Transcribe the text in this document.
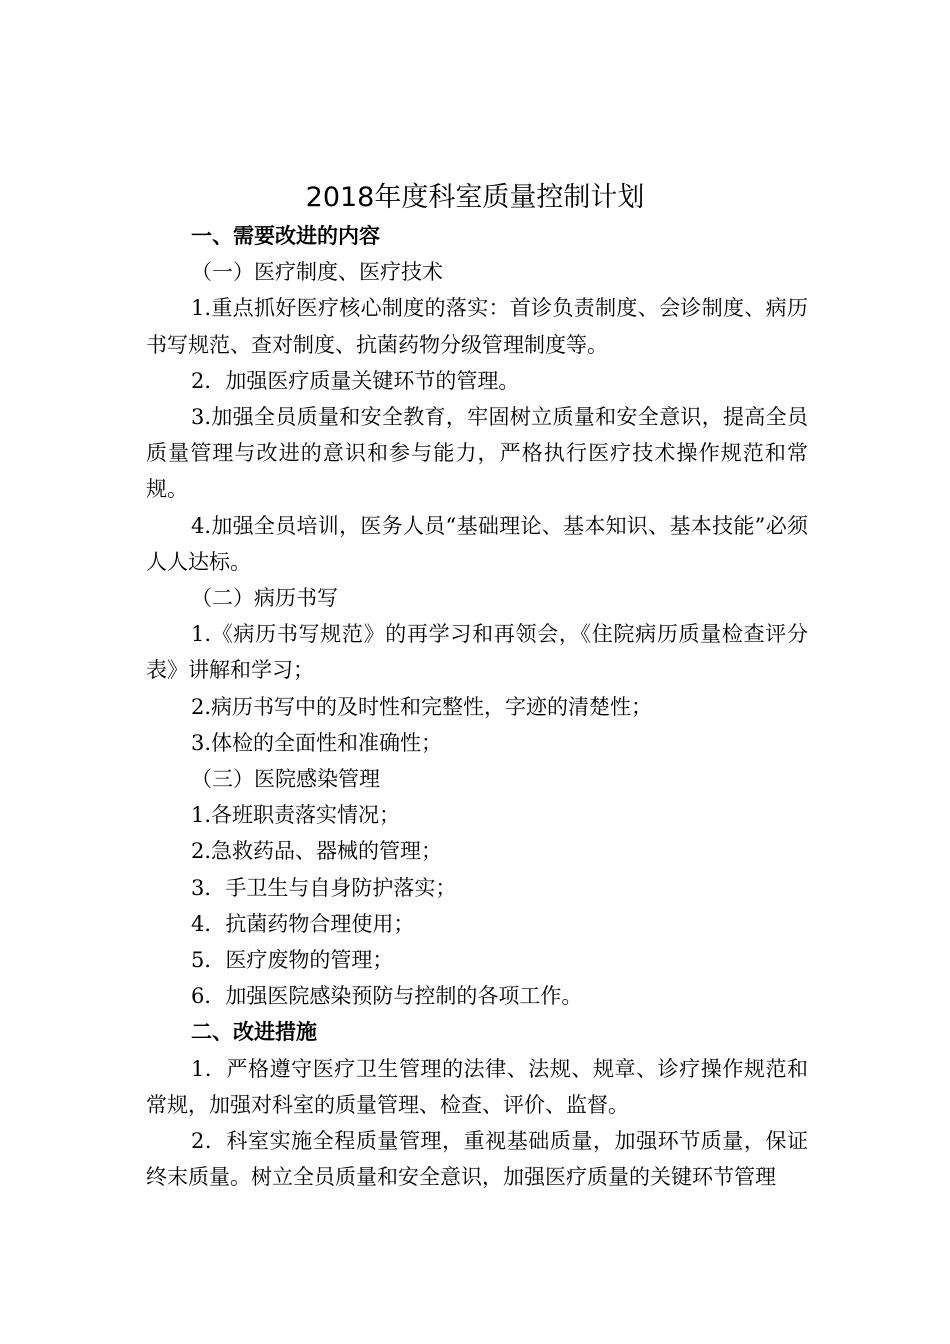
2018年度科室质量控制计划

一、需要改进的内容

（一）医疗制度、医疗技术

1.重点抓好医疗核心制度的落实：首诊负责制度、会诊制度、病历书写规范、查对制度、抗菌药物分级管理制度等。

2．加强医疗质量关键环节的管理。

3.加强全员质量和安全教育，牢固树立质量和安全意识，提高全员质量管理与改进的意识和参与能力，严格执行医疗技术操作规范和常规。

4.加强全员培训，医务人员“基础理论、基本知识、基本技能”必须人人达标。

（二）病历书写

1.《病历书写规范》的再学习和再领会，《住院病历质量检查评分表》讲解和学习；

2.病历书写中的及时性和完整性，字迹的清楚性；

3.体检的全面性和准确性；

（三）医院感染管理

1.各班职责落实情况；

2.急救药品、器械的管理；

3．手卫生与自身防护落实；

4．抗菌药物合理使用；

5．医疗废物的管理；

6．加强医院感染预防与控制的各项工作。

二、改进措施

1．严格遵守医疗卫生管理的法律、法规、规章、诊疗操作规范和常规，加强对科室的质量管理、检查、评价、监督。

2．科室实施全程质量管理，重视基础质量，加强环节质量，保证终末质量。树立全员质量和安全意识，加强医疗质量的关键环节管理
